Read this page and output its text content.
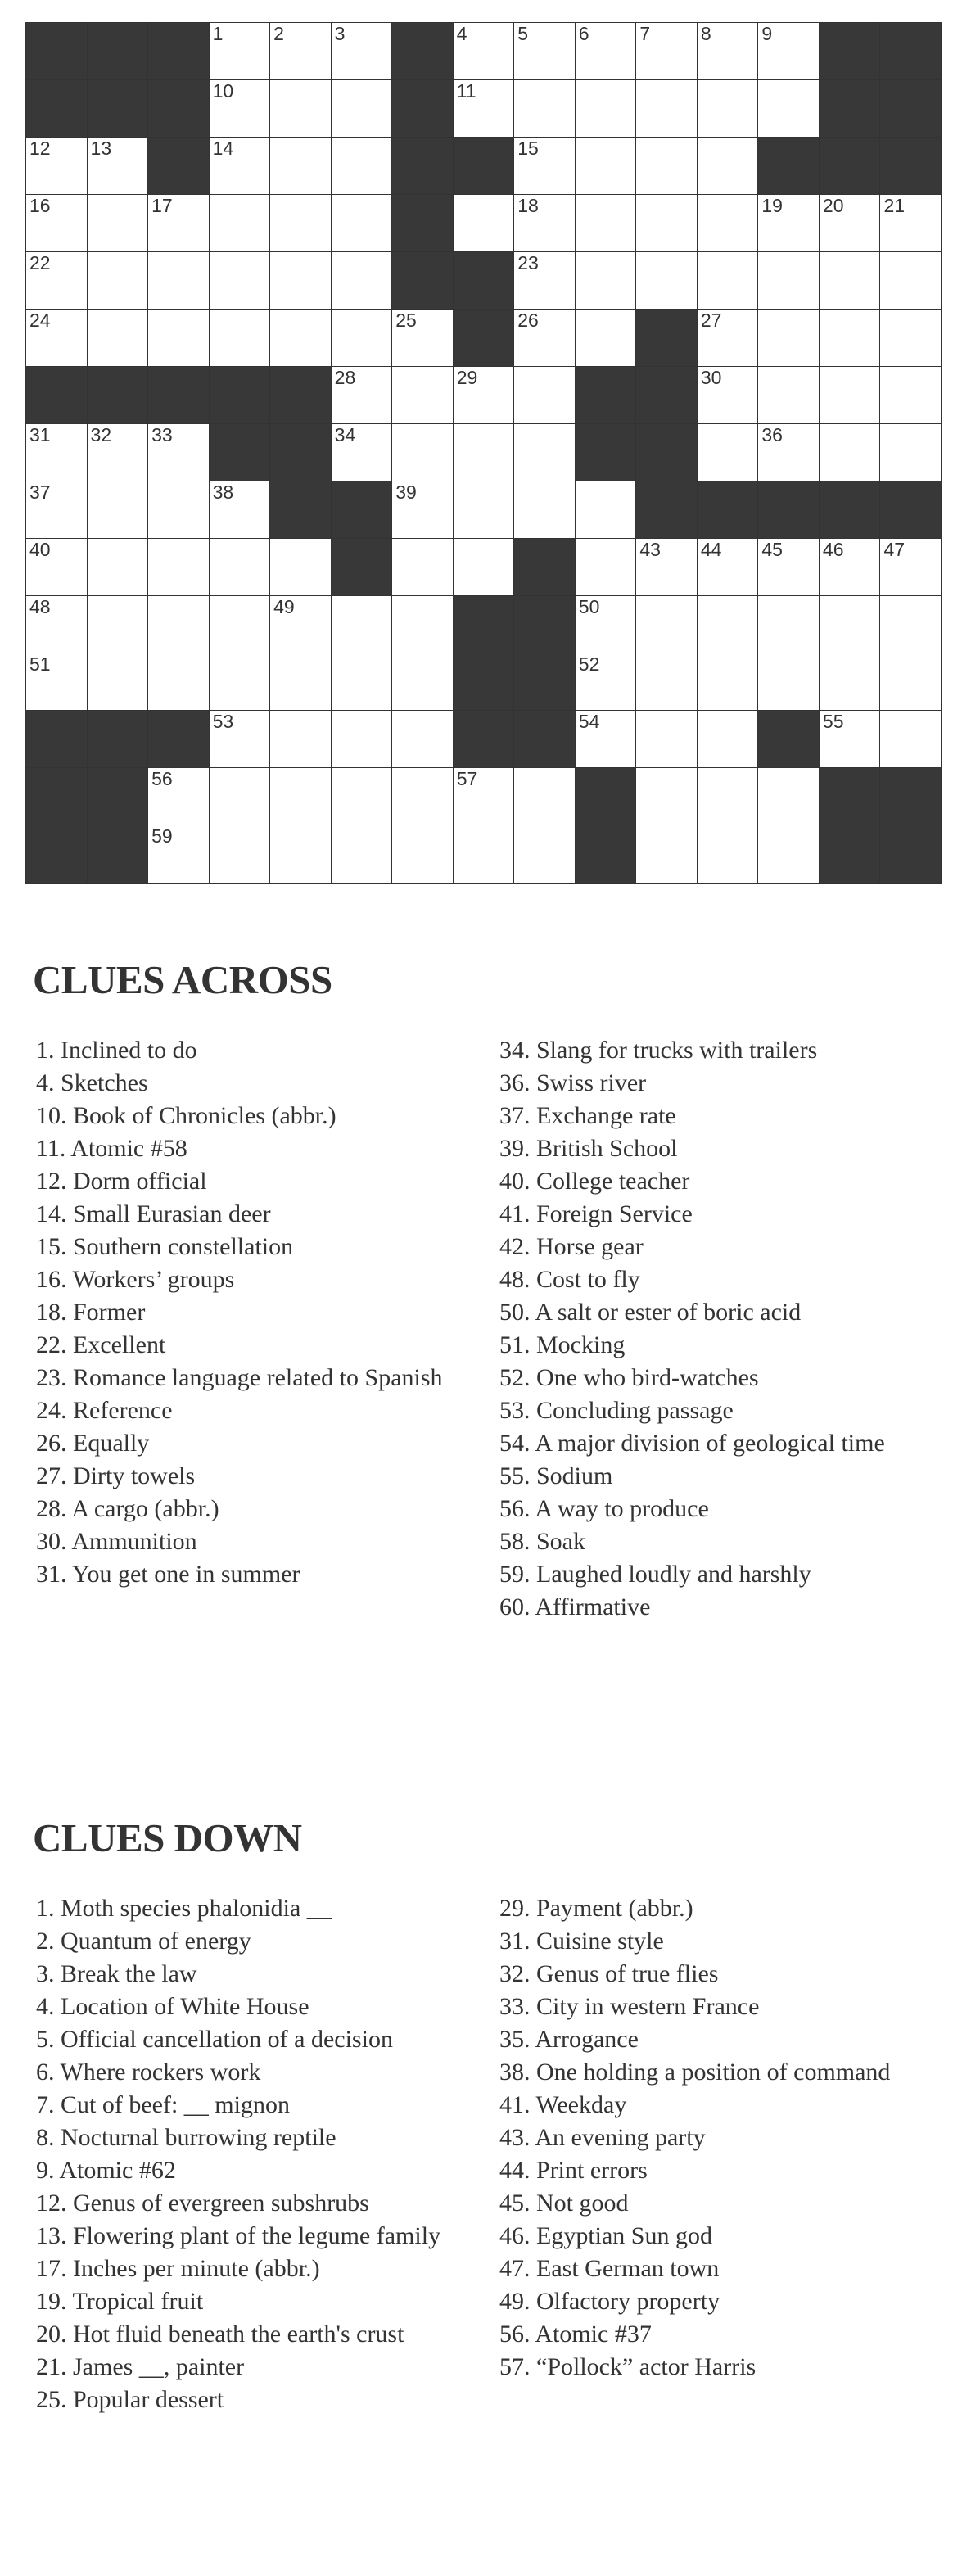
1	2	3	4	5	6	7	8	9
10	11
12 13	14	15
16	17	18	19 20 21
22	23
24	25	26	27
28	29	30
31 32 33	34	36
37	38	39
40	43 44 45 46 47
48	49	50
51	52
53	54	55
56	57
59
CLUES ACROSS
1. Inclined to do
4. Sketches
10. Book of Chronicles (abbr.)
11. Atomic #58
12. Dorm official
14. Small Eurasian deer
15. Southern constellation
16. Workers’ groups
18. Former
22. Excellent
23. Romance language related to Spanish
24. Reference
26. Equally
27. Dirty towels
28. A cargo (abbr.)
30. Ammunition
31. You get one in summer
34. Slang for trucks with trailers
36. Swiss river
37. Exchange rate
39. British School
40. College teacher
41. Foreign Service
42. Horse gear
48. Cost to fly
50. A salt or ester of boric acid
51. Mocking
52. One who bird-watches
53. Concluding passage
54. A major division of geological time
55. Sodium
56. A way to produce
58. Soak
59. Laughed loudly and harshly
60. Affirmative
CLUES DOWN
1. Moth species phalonidia __
2. Quantum of energy
3. Break the law
4. Location of White House
5. Official cancellation of a decision
6. Where rockers work
7. Cut of beef: __ mignon
8. Nocturnal burrowing reptile
9. Atomic #62
12. Genus of evergreen subshrubs
13. Flowering plant of the legume family
17. Inches per minute (abbr.)
19. Tropical fruit
20. Hot fluid beneath the earth's crust
21. James __, painter
25. Popular dessert
29. Payment (abbr.)
31. Cuisine style
32. Genus of true flies
33. City in western France
35. Arrogance
38. One holding a position of command
41. Weekday
43. An evening party
44. Print errors
45. Not good
46. Egyptian Sun god
47. East German town
49. Olfactory property
56. Atomic #37
57. “Pollock” actor Harris
